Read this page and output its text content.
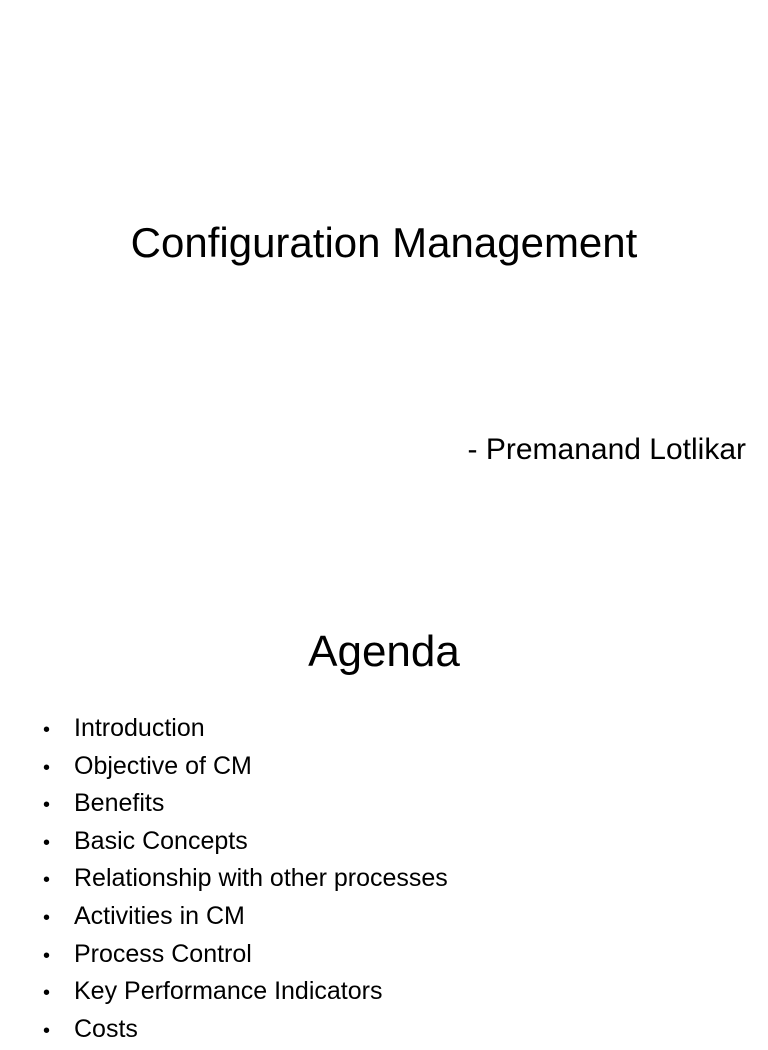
Configuration Management
- Premanand Lotlikar
Agenda
• Introduction
• Objective of CM
• Benefits
• Basic Concepts
• Relationship with other processes
• Activities in CM
• Process Control
• Key Performance Indicators
• Costs
